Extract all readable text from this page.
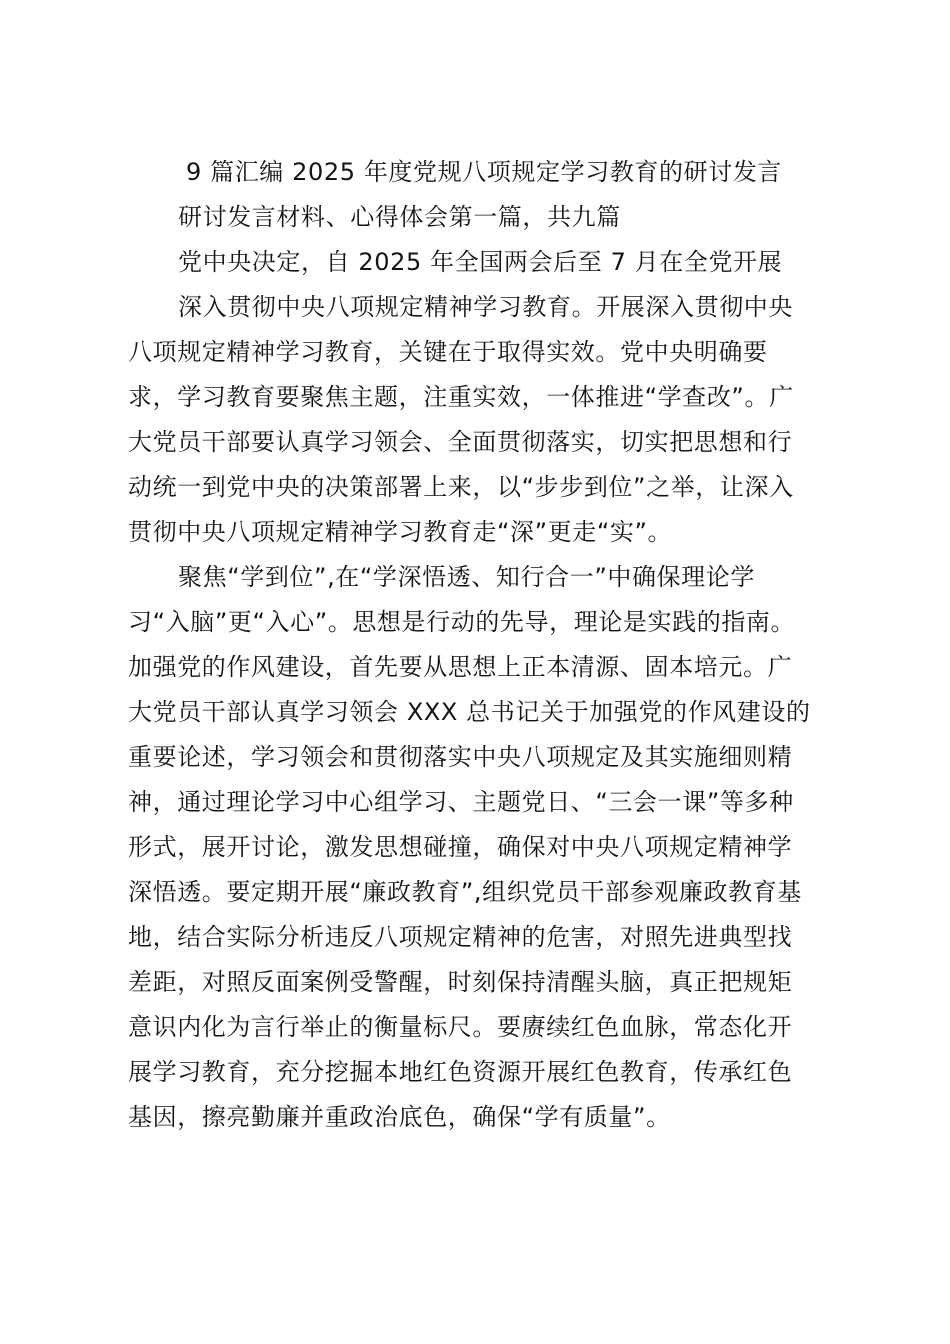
9 篇汇编 2025 年度党规八项规定学习教育的研讨发言
研讨发言材料、心得体会第一篇，共九篇
党中央决定，自 2025 年全国两会后至 7 月在全党开展
深入贯彻中央八项规定精神学习教育。开展深入贯彻中央
八项规定精神学习教育，关键在于取得实效。党中央明确要
求，学习教育要聚焦主题，注重实效，一体推进“学查改”。广
大党员干部要认真学习领会、全面贯彻落实，切实把思想和行
动统一到党中央的决策部署上来，以“步步到位”之举，让深入
贯彻中央八项规定精神学习教育走“深”更走“实”。
聚焦“学到位”,在“学深悟透、知行合一”中确保理论学
习“入脑”更“入心”。思想是行动的先导，理论是实践的指南。
加强党的作风建设，首先要从思想上正本清源、固本培元。广
大党员干部认真学习领会 XXX 总书记关于加强党的作风建设的
重要论述，学习领会和贯彻落实中央八项规定及其实施细则精
神，通过理论学习中心组学习、主题党日、“三会一课”等多种
形式，展开讨论，激发思想碰撞，确保对中央八项规定精神学
深悟透。要定期开展“廉政教育”,组织党员干部参观廉政教育基
地，结合实际分析违反八项规定精神的危害，对照先进典型找
差距，对照反面案例受警醒，时刻保持清醒头脑，真正把规矩
意识内化为言行举止的衡量标尺。要赓续红色血脉，常态化开
展学习教育，充分挖掘本地红色资源开展红色教育，传承红色
基因，擦亮勤廉并重政治底色，确保“学有质量”。
